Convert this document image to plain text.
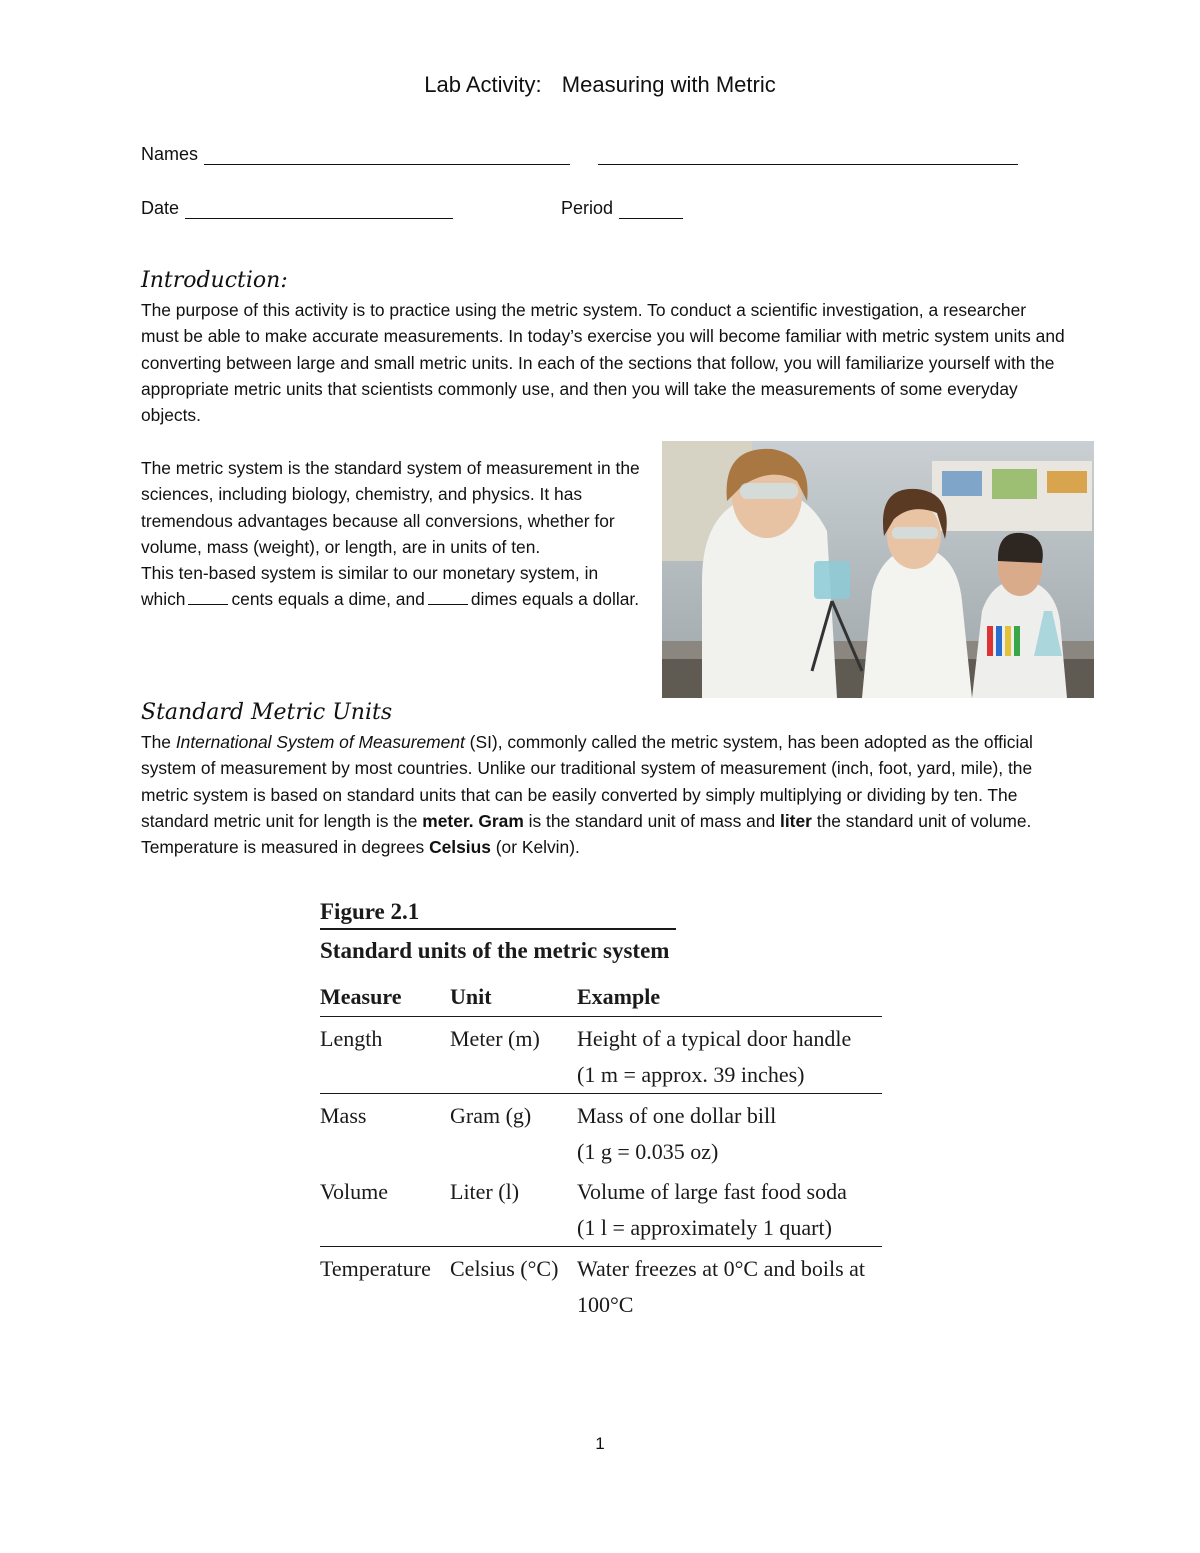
Lab Activity: Measuring with Metric
Names
Date	Period
Introduction:

The purpose of this activity is to practice using the metric system. To conduct a scientific investigation, a researcher must be able to make accurate measurements. In today’s exercise you will become familiar with metric system units and converting between large and small metric units. In each of the sections that follow, you will familiarize yourself with the appropriate metric units that scientists commonly use, and then you will take the measurements of some everyday objects.

The metric system is the standard system of measurement in the sciences, including biology, chemistry, and physics. It has tremendous advantages because all conversions, whether for volume, mass (weight), or length, are in units of ten.
This ten-based system is similar to our monetary system, in which	cents equals a dime, and	dimes equals a dollar.

Standard Metric Units

The International System of Measurement (SI), commonly called the metric system, has been adopted as the official system of measurement by most countries. Unlike our traditional system of measurement (inch, foot, yard, mile), the metric system is based on standard units that can be easily converted by simply multiplying or dividing by ten. The standard metric unit for length is the meter. Gram is the standard unit of mass and liter the standard unit of volume. Temperature is measured in degrees Celsius (or Kelvin).

Figure 2.1
Standard units of the metric system
Measure	Unit	Example
Length	Meter (m)	Height of a typical door handle
(1 m = approx. 39 inches)
Mass	Gram (g)	Mass of one dollar bill
(1 g = 0.035 oz)
Volume	Liter (l)	Volume of large fast food soda
(1 l = approximately 1 quart)
Temperature	Celsius (°C)	Water freezes at 0°C and boils at
100°C
1
